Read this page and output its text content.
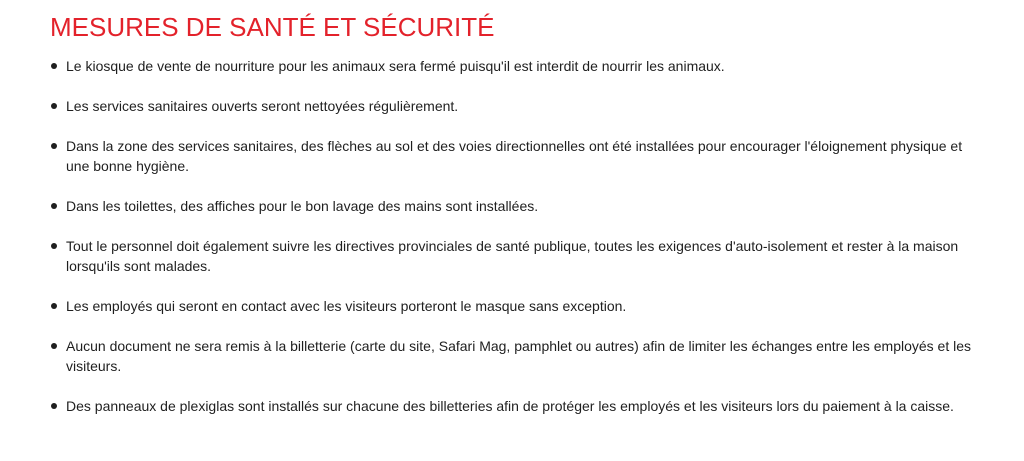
MESURES DE SANTÉ ET SÉCURITÉ
Le kiosque de vente de nourriture pour les animaux sera fermé puisqu'il est interdit de nourrir les animaux.
Les services sanitaires ouverts seront nettoyées régulièrement.
Dans la zone des services sanitaires, des flèches au sol et des voies directionnelles ont été installées pour encourager l'éloignement physique et une bonne hygiène.
Dans les toilettes, des affiches pour le bon lavage des mains sont installées.
Tout le personnel doit également suivre les directives provinciales de santé publique, toutes les exigences d'auto-isolement et rester à la maison lorsqu'ils sont malades.
Les employés qui seront en contact avec les visiteurs porteront le masque sans exception.
Aucun document ne sera remis à la billetterie (carte du site, Safari Mag, pamphlet ou autres) afin de limiter les échanges entre les employés et les visiteurs.
Des panneaux de plexiglas sont installés sur chacune des billetteries afin de protéger les employés et les visiteurs lors du paiement à la caisse.
